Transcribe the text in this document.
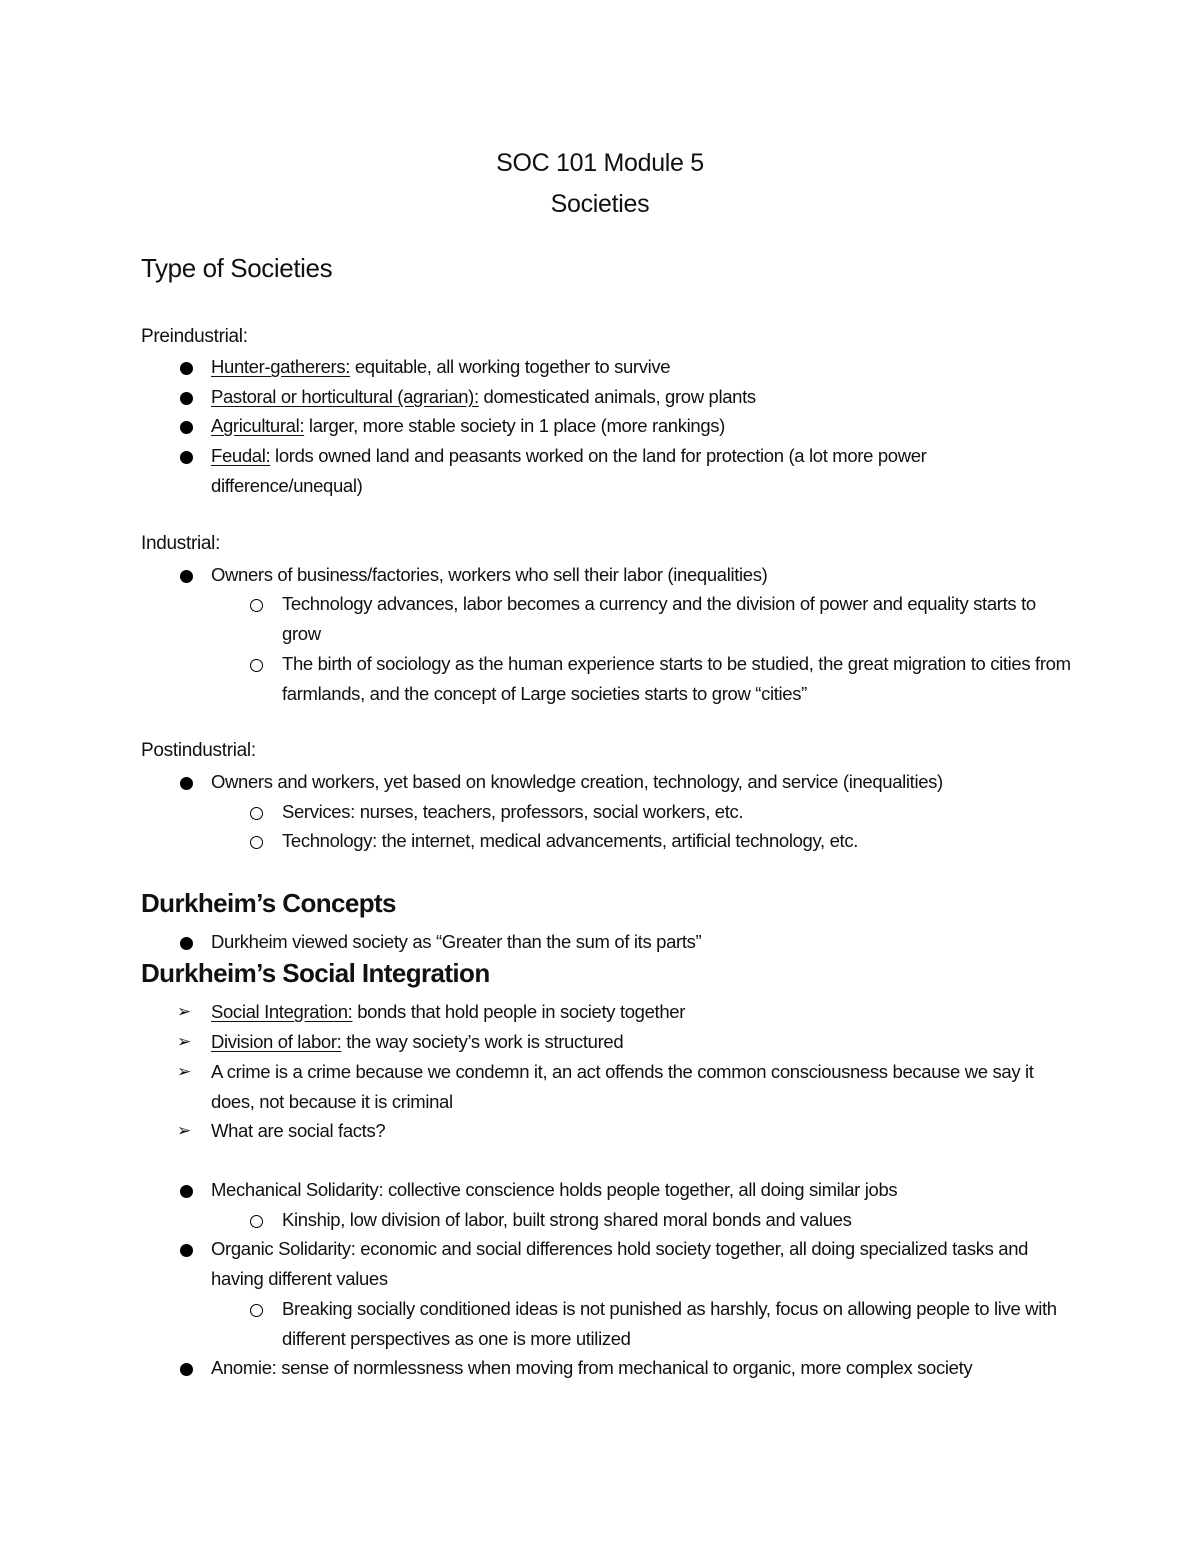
SOC 101 Module 5
Societies
Type of Societies
Preindustrial:
Hunter-gatherers: equitable, all working together to survive
Pastoral or horticultural (agrarian): domesticated animals, grow plants
Agricultural: larger, more stable society in 1 place (more rankings)
Feudal: lords owned land and peasants worked on the land for protection (a lot more power difference/unequal)
Industrial:
Owners of business/factories, workers who sell their labor (inequalities)
Technology advances, labor becomes a currency and the division of power and equality starts to grow
The birth of sociology as the human experience starts to be studied, the great migration to cities from farmlands, and the concept of Large societies starts to grow “cities”
Postindustrial:
Owners and workers, yet based on knowledge creation, technology, and service (inequalities)
Services: nurses, teachers, professors, social workers, etc.
Technology: the internet, medical advancements, artificial technology, etc.
Durkheim’s Concepts
Durkheim viewed society as “Greater than the sum of its parts”
Durkheim’s Social Integration
➢ Social Integration: bonds that hold people in society together
➢ Division of labor: the way society’s work is structured
➢ A crime is a crime because we condemn it, an act offends the common consciousness because we say it does, not because it is criminal
➢ What are social facts?
Mechanical Solidarity: collective conscience holds people together, all doing similar jobs
Kinship, low division of labor, built strong shared moral bonds and values
Organic Solidarity: economic and social differences hold society together, all doing specialized tasks and having different values
Breaking socially conditioned ideas is not punished as harshly, focus on allowing people to live with different perspectives as one is more utilized
Anomie: sense of normlessness when moving from mechanical to organic, more complex society
